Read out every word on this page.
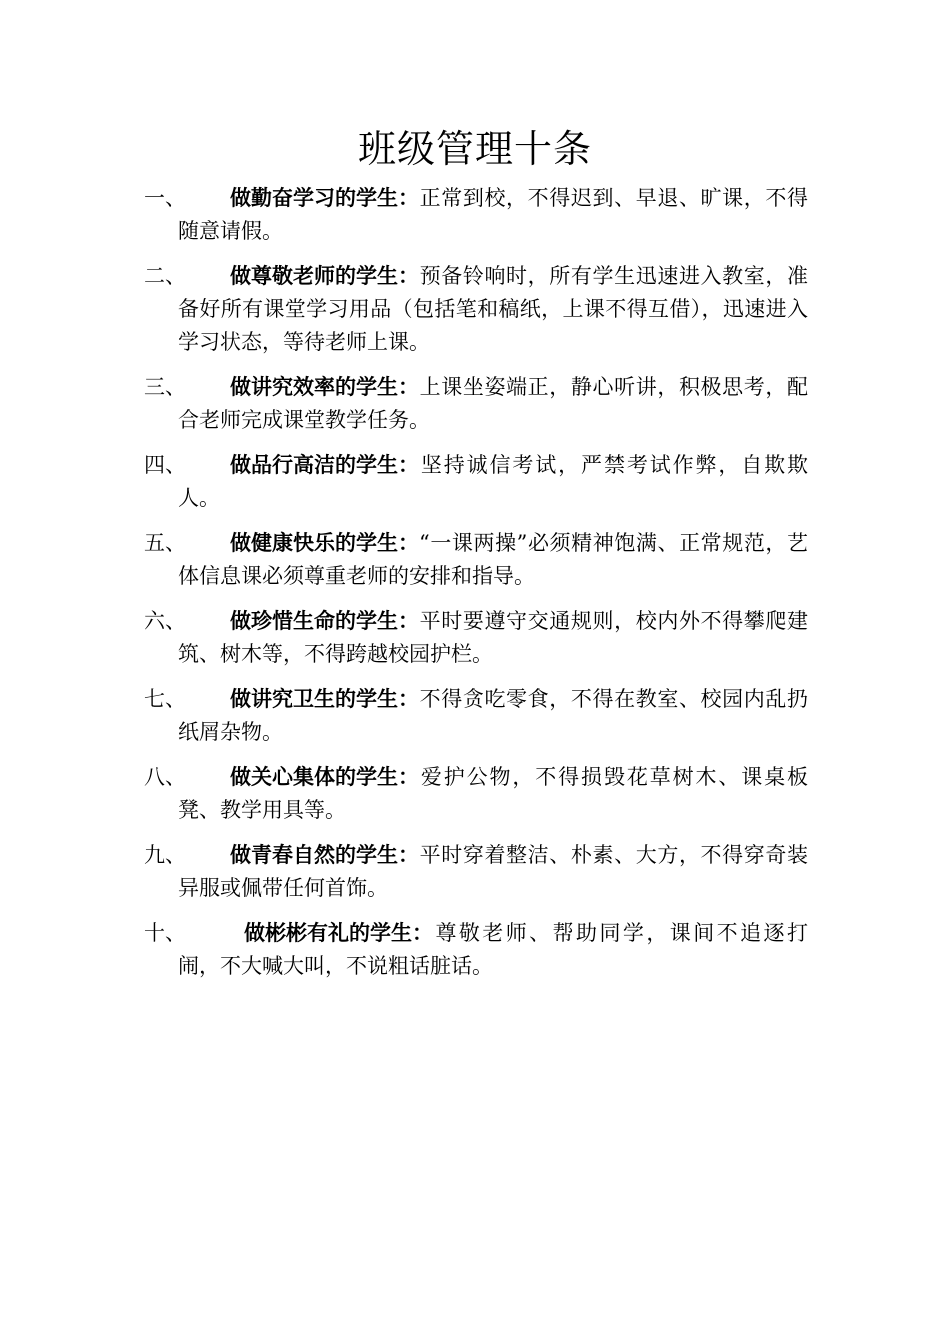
班级管理十条
一、	做勤奋学习的学生：正常到校，不得迟到、早退、旷课，不得随意请假。
二、	做尊敬老师的学生：预备铃响时，所有学生迅速进入教室，准备好所有课堂学习用品（包括笔和稿纸，上课不得互借），迅速进入学习状态，等待老师上课。
三、	做讲究效率的学生：上课坐姿端正，静心听讲，积极思考，配合老师完成课堂教学任务。
四、	做品行高洁的学生：坚持诚信考试，严禁考试作弊，自欺欺人。
五、	做健康快乐的学生：“一课两操”必须精神饱满、正常规范，艺体信息课必须尊重老师的安排和指导。
六、	做珍惜生命的学生：平时要遵守交通规则，校内外不得攀爬建筑、树木等，不得跨越校园护栏。
七、	做讲究卫生的学生：不得贪吃零食，不得在教室、校园内乱扔纸屑杂物。
八、	做关心集体的学生：爱护公物，不得损毁花草树木、课桌板凳、教学用具等。
九、	做青春自然的学生：平时穿着整洁、朴素、大方，不得穿奇装异服或佩带任何首饰。
十、	做彬彬有礼的学生：尊敬老师、帮助同学，课间不追逐打闹，不大喊大叫，不说粗话脏话。
